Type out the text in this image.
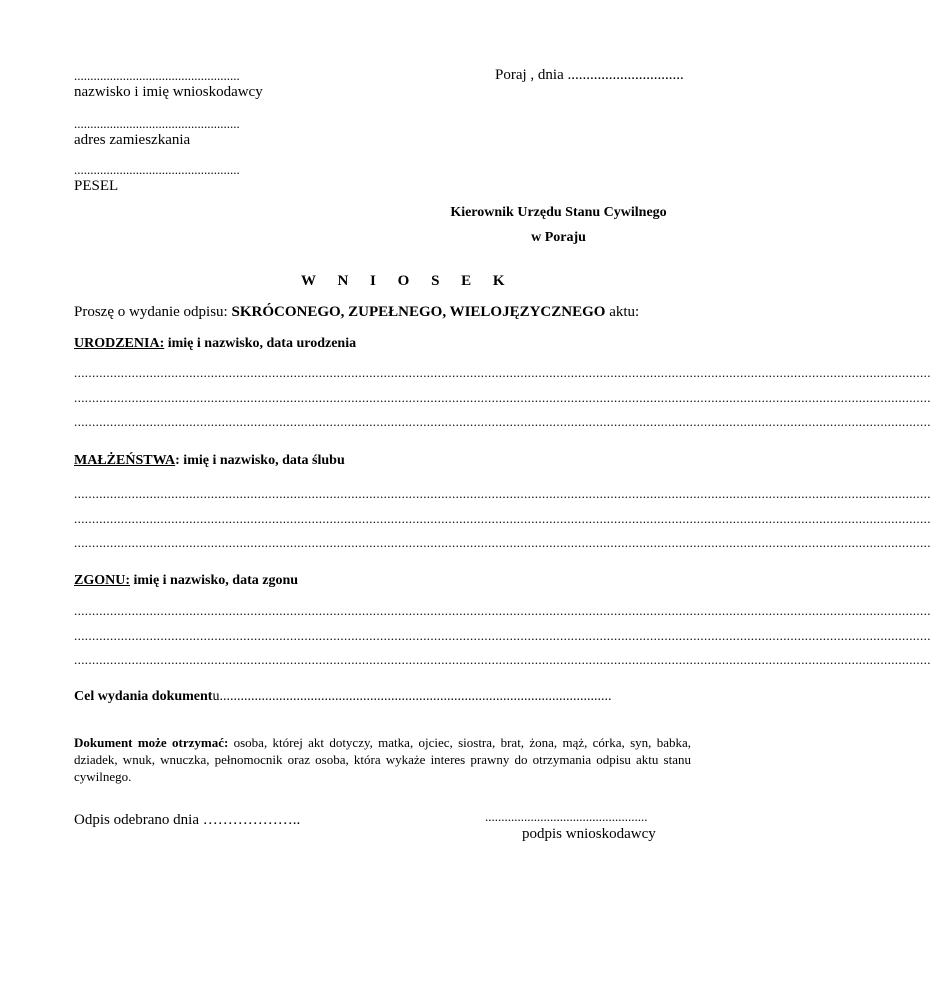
...................................................
nazwisko i imię wnioskodawcy
...................................................
adres zamieszkania
...................................................
PESEL
Poraj , dnia ...............................
Kierownik Urzędu Stanu Cywilnego
w Poraju
W N I O S E K
Proszę o wydanie odpisu: SKRÓCONEGO, ZUPEŁNEGO, WIELOJĘZYCZNEGO aktu:
URODZENIA: imię i nazwisko, data urodzenia
..............................................................................................................................................................................................................................................
..............................................................................................................................................................................................................................................
..............................................................................................................................................................................................................................................
MAŁŻEŃSTWA: imię i nazwisko, data ślubu
..............................................................................................................................................................................................................................................
..............................................................................................................................................................................................................................................
..............................................................................................................................................................................................................................................
ZGONU: imię i nazwisko, data zgonu
..............................................................................................................................................................................................................................................
..............................................................................................................................................................................................................................................
..............................................................................................................................................................................................................................................
Cel wydania dokumentu................................................................................................................
Dokument może otrzymać: osoba, której akt dotyczy, matka, ojciec, siostra, brat, żona, mąż, córka, syn, babka, dziadek, wnuk, wnuczka, pełnomocnik oraz osoba, która wykaże interes prawny do otrzymania odpisu aktu stanu cywilnego.
Odpis odebrano dnia ………………..	..................................................
podpis wnioskodawcy
